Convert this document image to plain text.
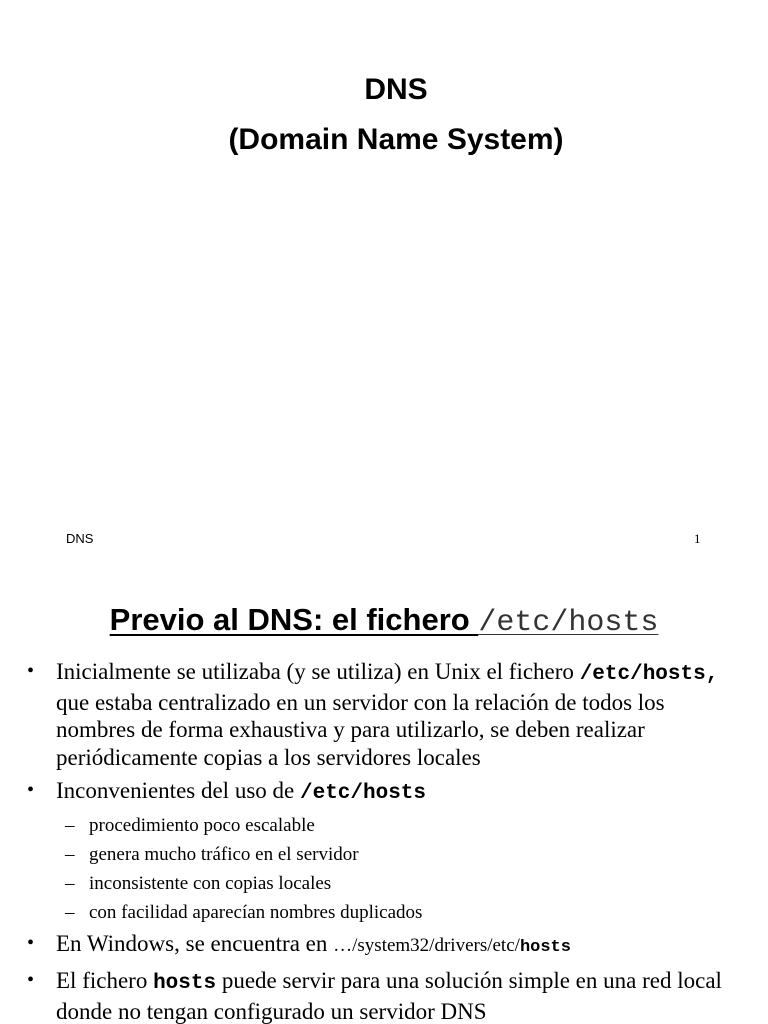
DNS
(Domain Name System)
DNS	1
Previo al DNS: el fichero /etc/hosts
• Inicialmente se utilizaba (y se utiliza) en Unix el fichero /etc/hosts, que estaba centralizado en un servidor con la relación de todos los nombres de forma exhaustiva y para utilizarlo, se deben realizar periódicamente copias a los servidores locales
• Inconvenientes del uso de /etc/hosts
– procedimiento poco escalable
– genera mucho tráfico en el servidor
– inconsistente con copias locales
– con facilidad aparecían nombres duplicados
• En Windows, se encuentra en …/system32/drivers/etc/hosts
• El fichero hosts puede servir para una solución simple en una red local donde no tengan configurado un servidor DNS
